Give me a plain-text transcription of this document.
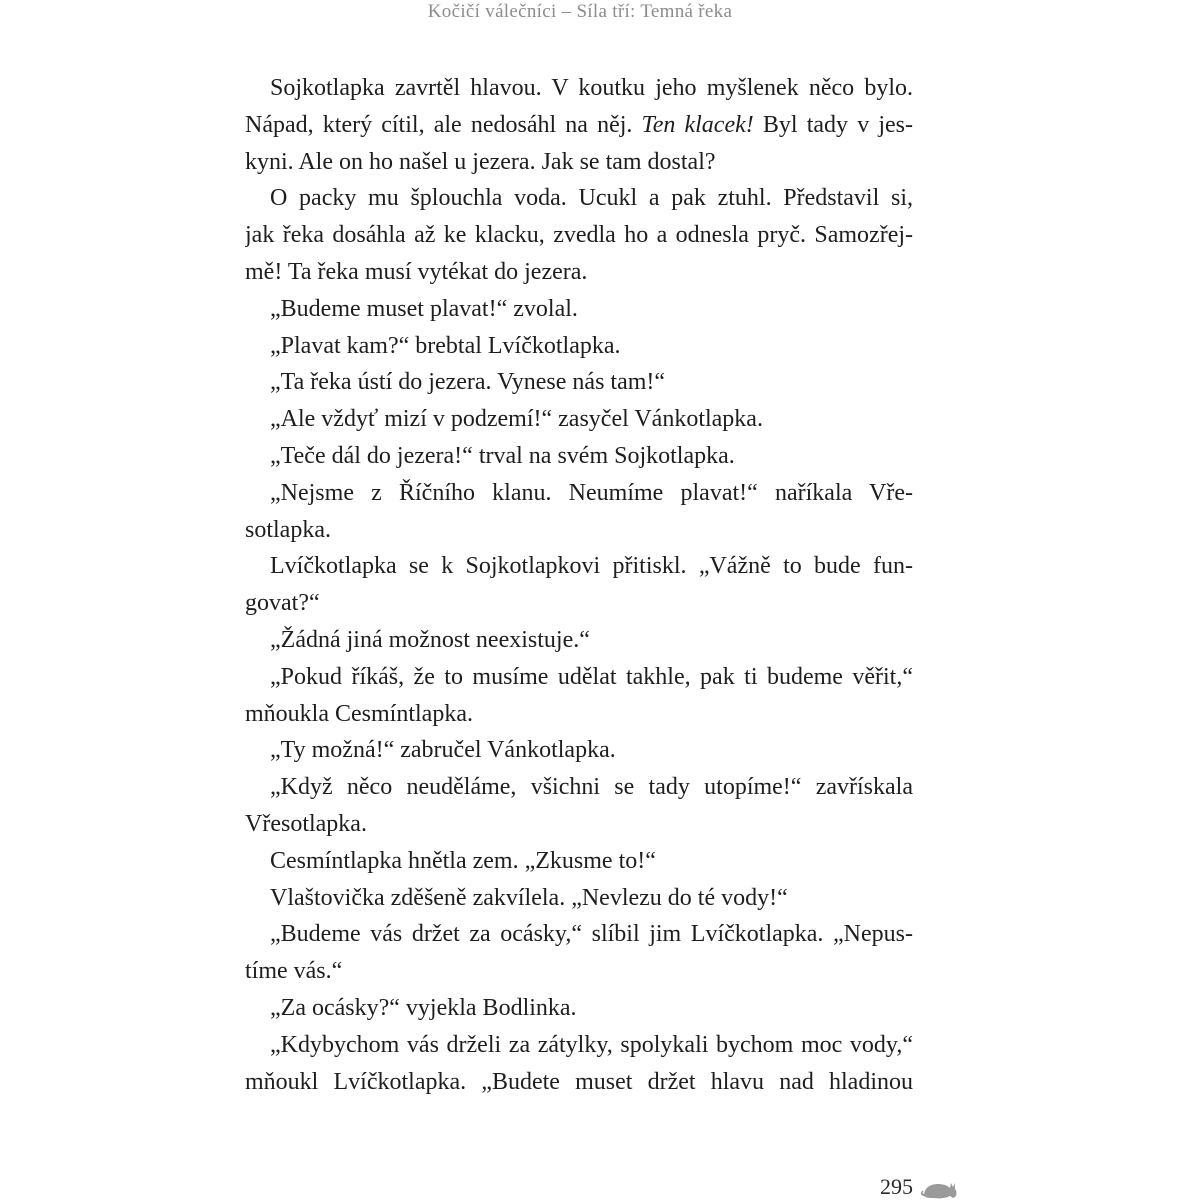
Kočičí válečníci – Síla tří: Temná řeka
Sojkotlapka zavrtěl hlavou. V koutku jeho myšlenek něco bylo.
Nápad, který cítil, ale nedosáhl na něj. Ten klacek! Byl tady v jes-
kyni. Ale on ho našel u jezera. Jak se tam dostal?
O packy mu šplouchla voda. Ucukl a pak ztuhl. Představil si,
jak řeka dosáhla až ke klacku, zvedla ho a odnesla pryč. Samozřej-
mě! Ta řeka musí vytékat do jezera.
„Budeme muset plavat!“ zvolal.
„Plavat kam?“ brebtal Lvíčkotlapka.
„Ta řeka ústí do jezera. Vynese nás tam!“
„Ale vždyť mizí v podzemí!“ zasyčel Vánkotlapka.
„Teče dál do jezera!“ trval na svém Sojkotlapka.
„Nejsme z Říčního klanu. Neumíme plavat!“ naříkala Vře-
sotlapka.
Lvíčkotlapka se k Sojkotlapkovi přitiskl. „Vážně to bude fun-
govat?“
„Žádná jiná možnost neexistuje.“
„Pokud říkáš, že to musíme udělat takhle, pak ti budeme věřit,“
mňoukla Cesmíntlapka.
„Ty možná!“ zabručel Vánkotlapka.
„Když něco neuděláme, všichni se tady utopíme!“ zavřískala
Vřesotlapka.
Cesmíntlapka hnětla zem. „Zkusme to!“
Vlaštovička zděšeně zakvílela. „Nevlezu do té vody!“
„Budeme vás držet za ocásky,“ slíbil jim Lvíčkotlapka. „Nepus-
tíme vás.“
„Za ocásky?“ vyjekla Bodlinka.
„Kdybychom vás drželi za zátylky, spolykali bychom moc vody,“
mňoukl Lvíčkotlapka. „Budete muset držet hlavu nad hladinou
295
